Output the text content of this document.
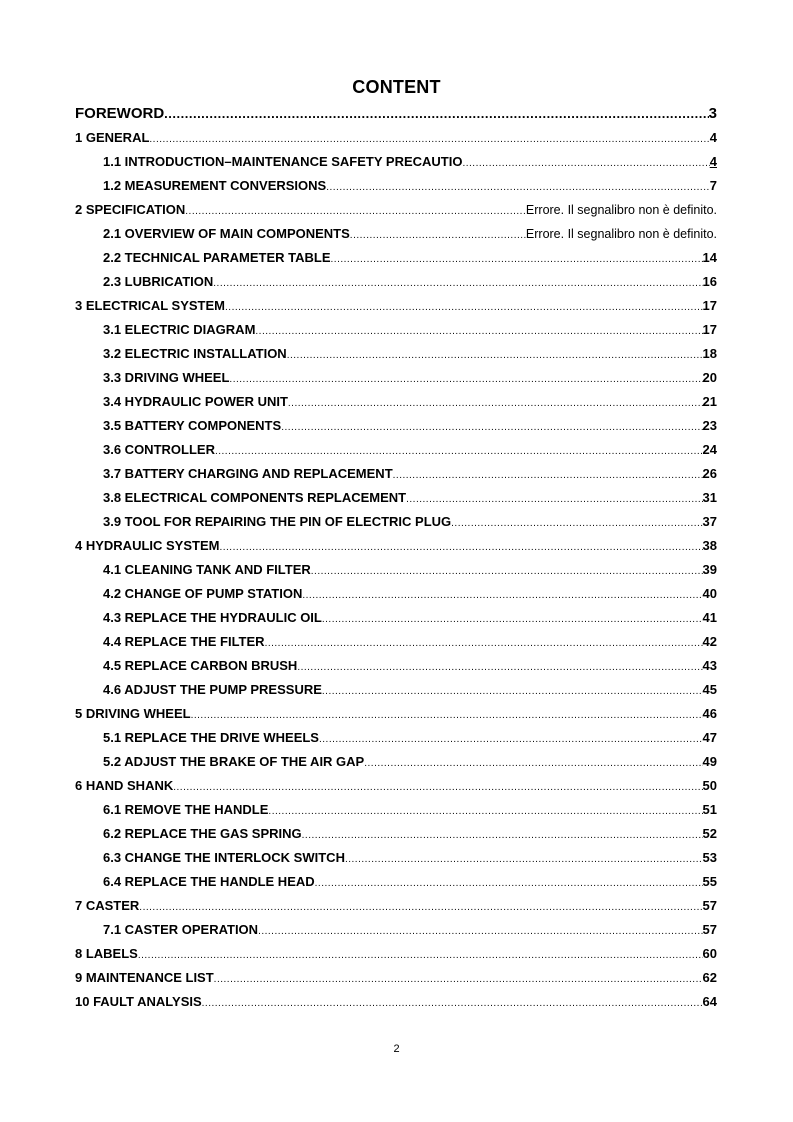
CONTENT
FOREWORD .....	3
1 GENERAL .....	4
1.1 INTRODUCTION–MAINTENANCE SAFETY PRECAUTIO .....	4
1.2 MEASUREMENT CONVERSIONS .....	7
2 SPECIFICATION .....	Errore. Il segnalibro non è definito.
2.1 OVERVIEW OF MAIN COMPONENTS .....	Errore. Il segnalibro non è definito.
2.2 TECHNICAL PARAMETER TABLE .....	14
2.3 LUBRICATION .....	16
3 ELECTRICAL SYSTEM .....	17
3.1 ELECTRIC DIAGRAM .....	17
3.2 ELECTRIC INSTALLATION .....	18
3.3 DRIVING WHEEL .....	20
3.4 HYDRAULIC POWER UNIT .....	21
3.5 BATTERY COMPONENTS .....	23
3.6 CONTROLLER .....	24
3.7 BATTERY CHARGING AND REPLACEMENT .....	26
3.8 ELECTRICAL COMPONENTS REPLACEMENT .....	31
3.9 TOOL FOR REPAIRING THE PIN OF ELECTRIC PLUG .....	37
4 HYDRAULIC SYSTEM .....	38
4.1 CLEANING TANK AND FILTER .....	39
4.2 CHANGE OF PUMP STATION .....	40
4.3 REPLACE THE HYDRAULIC OIL .....	41
4.4 REPLACE THE FILTER .....	42
4.5 REPLACE CARBON BRUSH .....	43
4.6 ADJUST THE PUMP PRESSURE .....	45
5 DRIVING WHEEL .....	46
5.1 REPLACE THE DRIVE WHEELS .....	47
5.2 ADJUST THE BRAKE OF THE AIR GAP .....	49
6 HAND SHANK .....	50
6.1 REMOVE THE HANDLE .....	51
6.2 REPLACE THE GAS SPRING .....	52
6.3 CHANGE THE INTERLOCK SWITCH .....	53
6.4 REPLACE THE HANDLE HEAD .....	55
7 CASTER .....	57
7.1 CASTER OPERATION .....	57
8 LABELS .....	60
9 MAINTENANCE LIST .....	62
10 FAULT ANALYSIS .....	64
2
